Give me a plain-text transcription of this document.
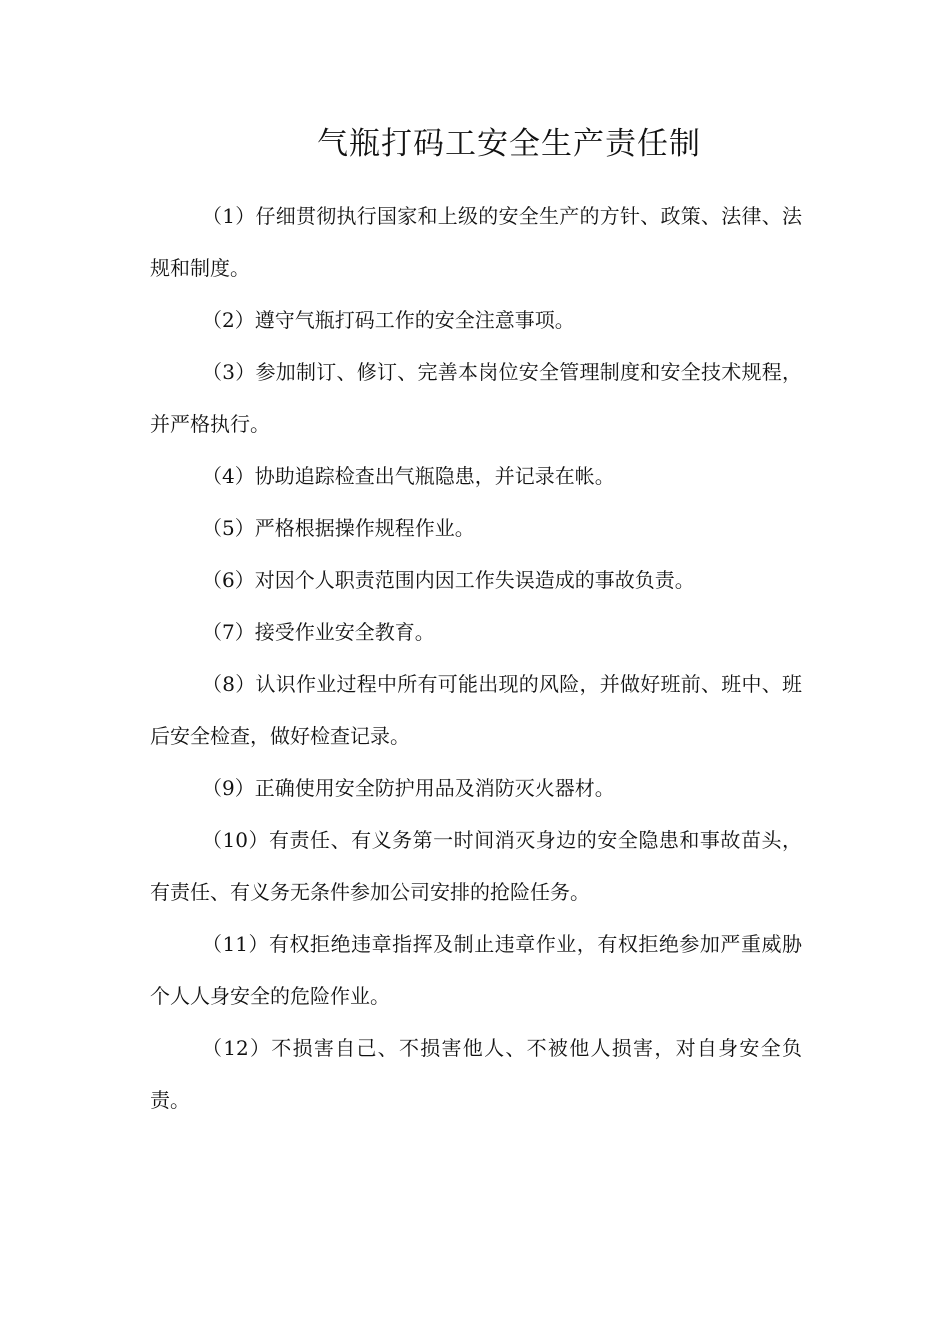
气瓶打码工安全生产责任制

（1）仔细贯彻执行国家和上级的安全生产的方针、政策、法律、法规和制度。

（2）遵守气瓶打码工作的安全注意事项。

（3）参加制订、修订、完善本岗位安全管理制度和安全技术规程，并严格执行。

（4）协助追踪检查出气瓶隐患，并记录在帐。

（5）严格根据操作规程作业。

（6）对因个人职责范围内因工作失误造成的事故负责。

（7）接受作业安全教育。

（8）认识作业过程中所有可能出现的风险，并做好班前、班中、班后安全检查，做好检查记录。

（9）正确使用安全防护用品及消防灭火器材。

（10）有责任、有义务第一时间消灭身边的安全隐患和事故苗头，有责任、有义务无条件参加公司安排的抢险任务。

（11）有权拒绝违章指挥及制止违章作业，有权拒绝参加严重威胁个人人身安全的危险作业。

（12）不损害自己、不损害他人、不被他人损害，对自身安全负责。
